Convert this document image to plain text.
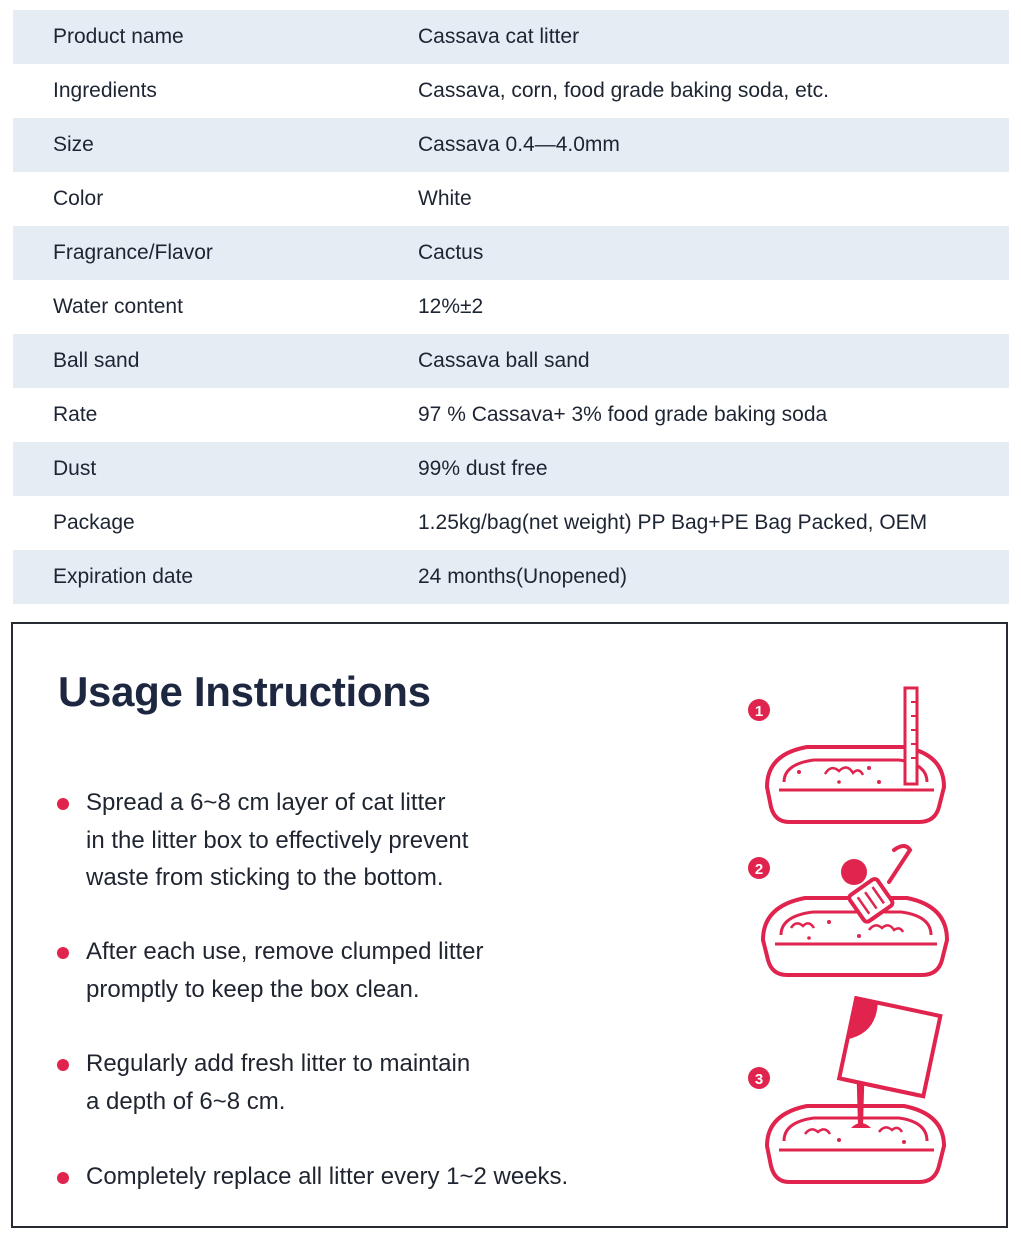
Product name	Cassava cat litter
Ingredients	Cassava, corn, food grade baking soda, etc.
Size	Cassava 0.4—4.0mm
Color	White
Fragrance/Flavor	Cactus
Water content	12%±2
Ball sand	Cassava ball sand
Rate	97 % Cassava+ 3% food grade baking soda
Dust	99% dust free
Package	1.25kg/bag(net weight) PP Bag+PE Bag Packed, OEM
Expiration date	24 months(Unopened)
Usage Instructions
Spread a 6~8 cm layer of cat litter
in the litter box to effectively prevent
waste from sticking to the bottom.
After each use, remove clumped litter
promptly to keep the box clean.
Regularly add fresh litter to maintain
a depth of 6~8 cm.
Completely replace all litter every 1~2 weeks.
1
2
3
